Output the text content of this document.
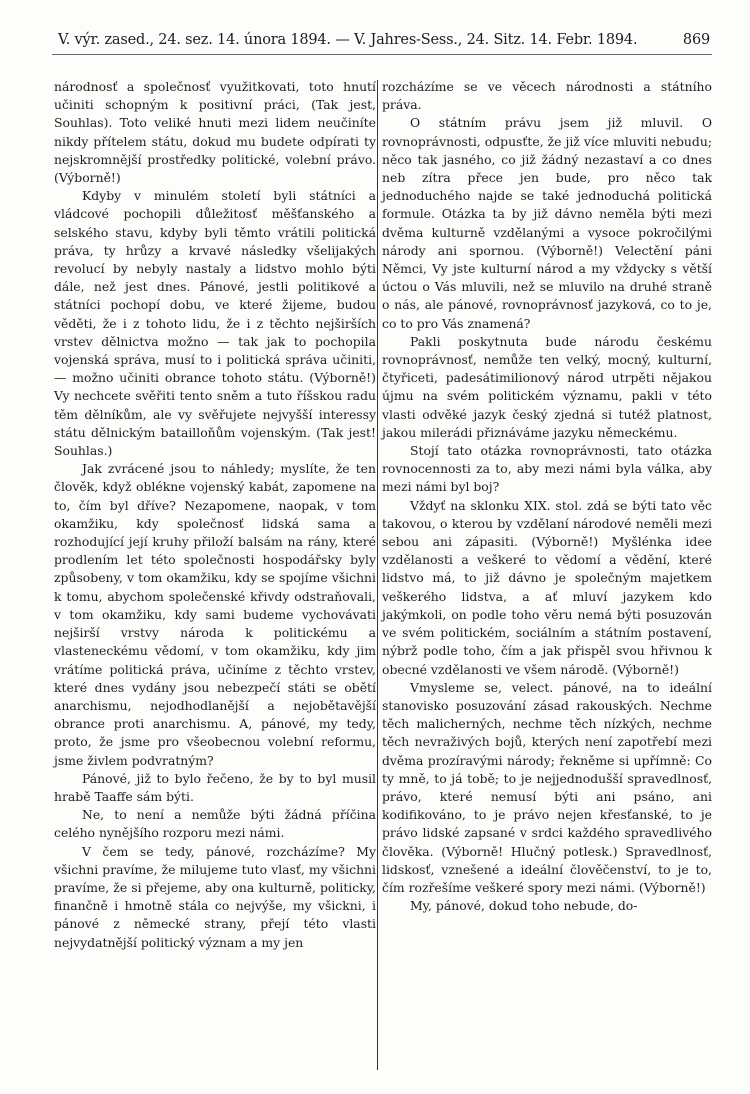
V. výr. zased., 24. sez. 14. února 1894. — V. Jahres-Sess., 24. Sitz. 14. Febr. 1894.	869

národnosť a společnosť využitkovati, toto hnutí učiniti schopným k positivní práci, (Tak jest, Souhlas). Toto veliké hnuti mezi lidem neučiníte nikdy přítelem státu, dokud mu budete odpírati ty nejskromnější prostředky politické, volební právo. (Výborně!)

Kdyby v minulém století byli státníci a vládcové pochopili důležitosť měšťanského a selského stavu, kdyby byli těmto vrátili politická práva, ty hrůzy a krvavé následky všelijakých revolucí by nebyly nastaly a lidstvo mohlo býti dále, než jest dnes. Pánové, jestli politikové a státníci pochopí dobu, ve které žijeme, budou věděti, že i z tohoto lidu, že i z těchto nejširších vrstev dělnictva možno — tak jak to pochopila vojenská správa, musí to i politická správa učiniti, — možno učiniti obrance tohoto státu. (Výborně!) Vy nechcete svěřiti tento sněm a tuto říšskou radu těm dělníkům, ale vy svěřujete nejvyšší interessy státu dělnickým batailloňům vojenským. (Tak jest! Souhlas.)

Jak zvrácené jsou to náhledy; myslíte, že ten člověk, když oblékne vojenský kabát, zapomene na to, čím byl dříve? Nezapomene, naopak, v tom okamžiku, kdy společnosť lidská sama a rozhodující její kruhy přiloží balsám na rány, které prodlením let této společnosti hospodářsky byly způsobeny, v tom okamžiku, kdy se spojíme všichni k tomu, abychom společenské křivdy odstraňovali, v tom okamžiku, kdy sami budeme vychovávati nejširší vrstvy národa k politickému a vlasteneckému vědomí, v tom okamžiku, kdy jim vrátíme politická práva, učiníme z těchto vrstev, které dnes vydány jsou nebezpečí státi se obětí anarchismu, nejodhodlanější a nejobětavější obrance proti anarchismu. A, pánové, my tedy, proto, že jsme pro všeobecnou volební reformu, jsme živlem podvratným?

Pánové, již to bylo řečeno, že by to byl musil hrabě Taaffe sám býti.

Ne, to není a nemůže býti žádná příčina celého nynějšího rozporu mezi námi.

V čem se tedy, pánové, rozcházíme? My všichni pravíme, že milujeme tuto vlasť, my všichni pravíme, že si přejeme, aby ona kulturně, politicky, finančně i hmotně stála co nejvýše, my všickni, i pánové z německé strany, přejí této vlasti nejvydatnější politický význam a my jen

rozcházíme se ve věcech národnosti a státního práva.

O státním právu jsem již mluvil. O rovnoprávnosti, odpusťte, že již více mluviti nebudu; něco tak jasného, co již žádný nezastaví a co dnes neb zítra přece jen bude, pro něco tak jednoduchého najde se také jednoduchá politická formule. Otázka ta by již dávno neměla býti mezi dvěma kulturně vzdělanými a vysoce pokročilými národy ani spornou. (Výborně!) Velectění páni Němci, Vy jste kulturní národ a my vždycky s větší úctou o Vás mluvili, než se mluvilo na druhé straně o nás, ale pánové, rovnoprávnosť jazyková, co to je, co to pro Vás znamená?

Pakli poskytnuta bude národu českému rovnoprávnosť, nemůže ten velký, mocný, kulturní, čtyřiceti, padesátimilionový národ utrpěti nějakou újmu na svém politickém významu, pakli v této vlasti odvěké jazyk český zjedná si tutéž platnost, jakou milerádi přiznáváme jazyku německému.

Stojí tato otázka rovnoprávnosti, tato otázka rovnocennosti za to, aby mezi námi byla válka, aby mezi námi byl boj?

Vždyť na sklonku XIX. stol. zdá se býti tato věc takovou, o kterou by vzdělaní národové neměli mezi sebou ani zápasiti. (Výborně!) Myšlénka idee vzdělanosti a veškeré to vědomí a vědění, které lidstvo má, to již dávno je společným majetkem veškerého lidstva, a ať mluví jazykem kdo jakýmkoli, on podle toho věru nemá býti posuzován ve svém politickém, sociálním a státním postavení, nýbrž podle toho, čím a jak přispěl svou hřivnou k obecné vzdělanosti ve všem národě. (Výborně!)

Vmysleme se, velect. pánové, na to ideální stanovisko posuzování zásad rakouských. Nechme těch malicherných, nechme těch nízkých, nechme těch nevraživých bojů, kterých není zapotřebí mezi dvěma prozíravými národy; řekněme si upřímně: Co ty mně, to já tobě; to je nejjednodušší spravedlnosť, právo, které nemusí býti ani psáno, ani kodifikováno, to je právo nejen křesťanské, to je právo lidské zapsané v srdci každého spravedlivého člověka. (Výborně! Hlučný potlesk.) Spravedlnosť, lidskosť, vznešené a ideální člověčenství, to je to, čím rozřešíme veškeré spory mezi námi. (Výborně!)

My, pánové, dokud toho nebude, do-
